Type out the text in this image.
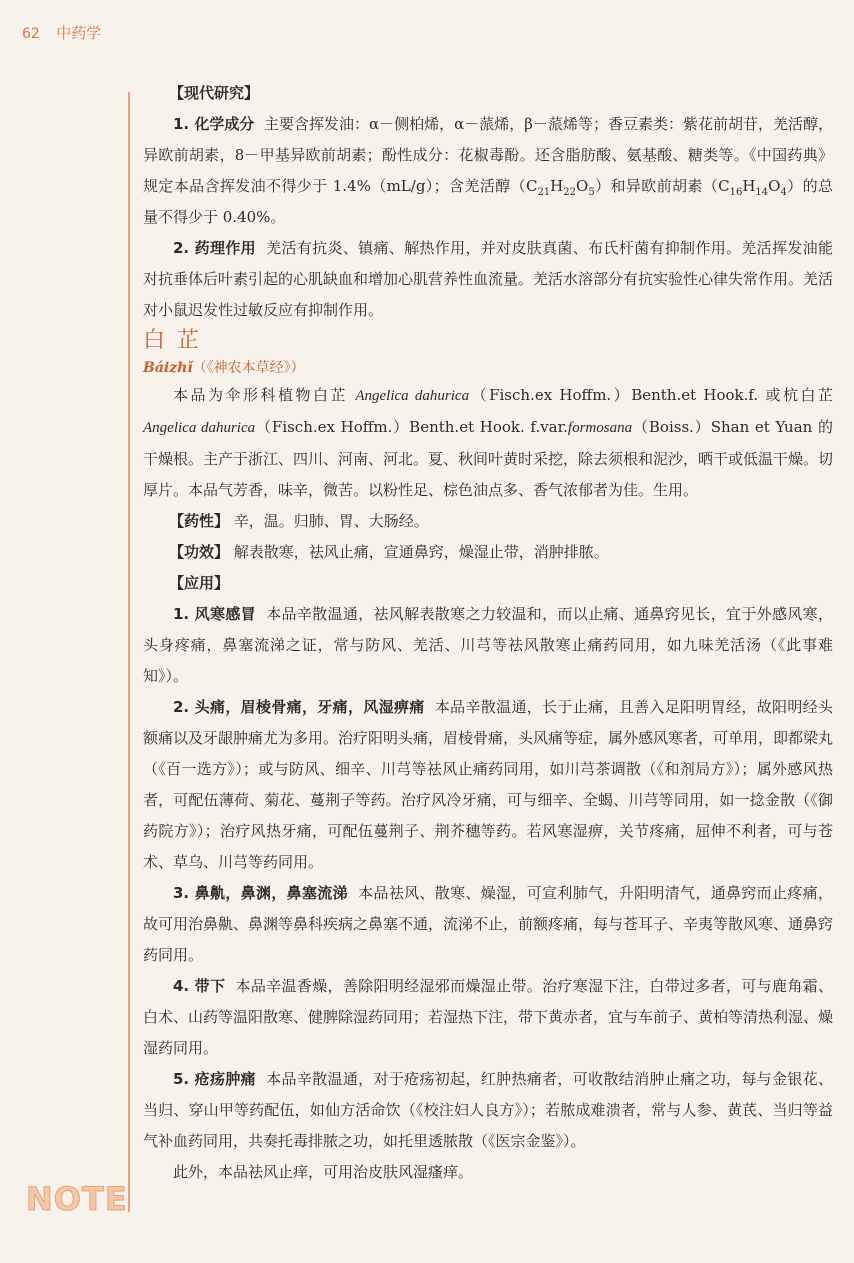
62 中药学
NOTE

【现代研究】

1. 化学成分 主要含挥发油：α－侧柏烯，α－蒎烯，β－蒎烯等；香豆素类：紫花前胡苷，羌活醇，异欧前胡素，8－甲基异欧前胡素；酚性成分：花椒毒酚。还含脂肪酸、氨基酸、糖类等。《中国药典》规定本品含挥发油不得少于 1.4%（mL/g）；含羌活醇$(C_{21}H_{22}O_5)$和异欧前胡素$(C_{16}H_{14}O_4)$的总量不得少于 0.40%。

2. 药理作用 羌活有抗炎、镇痛、解热作用，并对皮肤真菌、布氏杆菌有抑制作用。羌活挥发油能对抗垂体后叶素引起的心肌缺血和增加心肌营养性血流量。羌活水溶部分有抗实验性心律失常作用。羌活对小鼠迟发性过敏反应有抑制作用。

白芷

Báizhǐ（《神农本草经》）

本品为伞形科植物白芷 Angelica dahurica（Fisch.ex Hoffm.）Benth.et Hook.f. 或杭白芷 Angelica dahurica（Fisch.ex Hoffm.）Benth.et Hook. f.var.formosana（Boiss.）Shan et Yuan 的干燥根。主产于浙江、四川、河南、河北。夏、秋间叶黄时采挖，除去须根和泥沙，晒干或低温干燥。切厚片。本品气芳香，味辛，微苦。以粉性足、棕色油点多、香气浓郁者为佳。生用。

【药性】 辛，温。归肺、胃、大肠经。

【功效】 解表散寒，祛风止痛，宣通鼻窍，燥湿止带，消肿排脓。

【应用】

1. 风寒感冒 本品辛散温通，祛风解表散寒之力较温和，而以止痛、通鼻窍见长，宜于外感风寒，头身疼痛，鼻塞流涕之证，常与防风、羌活、川芎等祛风散寒止痛药同用，如九味羌活汤（《此事难知》）。

2. 头痛，眉棱骨痛，牙痛，风湿痹痛 本品辛散温通，长于止痛，且善入足阳明胃经，故阳明经头额痛以及牙龈肿痛尤为多用。治疗阳明头痛，眉棱骨痛，头风痛等症，属外感风寒者，可单用，即都梁丸（《百一选方》）；或与防风、细辛、川芎等祛风止痛药同用，如川芎茶调散（《和剂局方》）；属外感风热者，可配伍薄荷、菊花、蔓荆子等药。治疗风冷牙痛，可与细辛、全蝎、川芎等同用，如一捻金散（《御药院方》）；治疗风热牙痛，可配伍蔓荆子、荆芥穗等药。若风寒湿痹，关节疼痛，屈伸不利者，可与苍术、草乌、川芎等药同用。

3. 鼻鼽，鼻渊，鼻塞流涕 本品祛风、散寒、燥湿，可宣利肺气，升阳明清气，通鼻窍而止疼痛，故可用治鼻鼽、鼻渊等鼻科疾病之鼻塞不通，流涕不止，前额疼痛，每与苍耳子、辛夷等散风寒、通鼻窍药同用。

4. 带下 本品辛温香燥，善除阳明经湿邪而燥湿止带。治疗寒湿下注，白带过多者，可与鹿角霜、白术、山药等温阳散寒、健脾除湿药同用；若湿热下注，带下黄赤者，宜与车前子、黄柏等清热利湿、燥湿药同用。

5. 疮疡肿痛 本品辛散温通，对于疮疡初起，红肿热痛者，可收散结消肿止痛之功，每与金银花、当归、穿山甲等药配伍，如仙方活命饮（《校注妇人良方》）；若脓成难溃者，常与人参、黄芪、当归等益气补血药同用，共奏托毒排脓之功，如托里透脓散（《医宗金鉴》）。

此外，本品祛风止痒，可用治皮肤风湿瘙痒。
